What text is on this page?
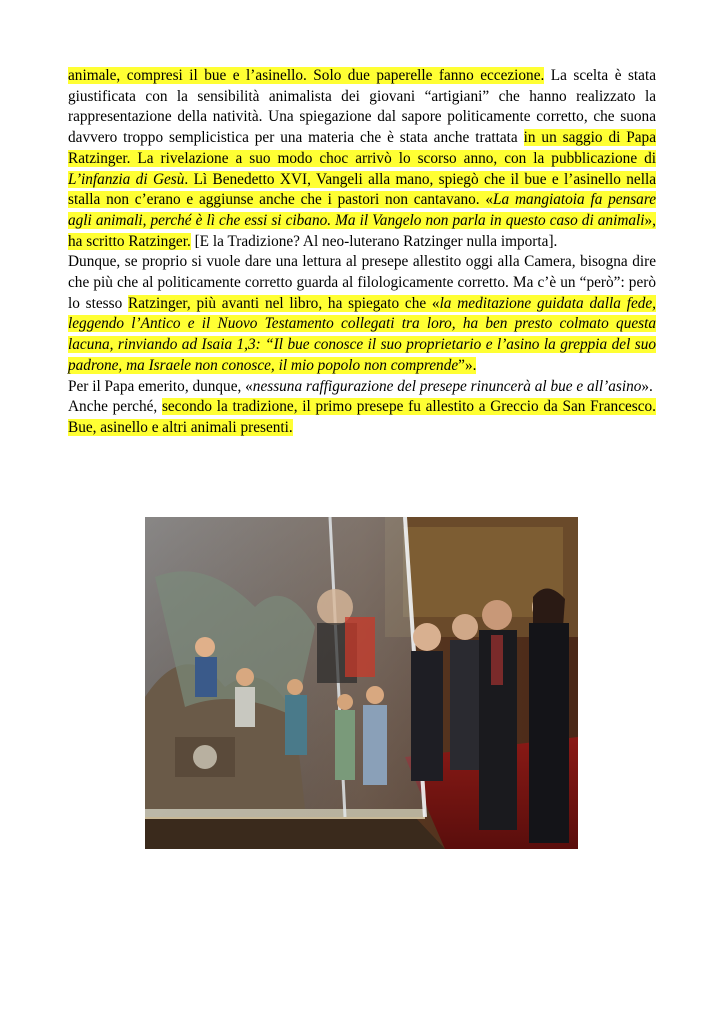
animale, compresi il bue e l’asinello. Solo due paperelle fanno eccezione. La scelta è stata giustificata con la sensibilità animalista dei giovani “artigiani” che hanno realizzato la rappresentazione della natività. Una spiegazione dal sapore politicamente corretto, che suona davvero troppo semplicistica per una materia che è stata anche trattata in un saggio di Papa Ratzinger. La rivelazione a suo modo choc arrivò lo scorso anno, con la pubblicazione di L’infanzia di Gesù. Lì Benedetto XVI, Vangeli alla mano, spiegò che il bue e l’asinello nella stalla non c’erano e aggiunse anche che i pastori non cantavano. «La mangiatoia fa pensare agli animali, perché è lì che essi si cibano. Ma il Vangelo non parla in questo caso di animali», ha scritto Ratzinger. [E la Tradizione? Al neo-luterano Ratzinger nulla importa].

Dunque, se proprio si vuole dare una lettura al presepe allestito oggi alla Camera, bisogna dire che più che al politicamente corretto guarda al filologicamente corretto. Ma c’è un “però”: però lo stesso Ratzinger, più avanti nel libro, ha spiegato che «la meditazione guidata dalla fede, leggendo l’Antico e il Nuovo Testamento collegati tra loro, ha ben presto colmato questa lacuna, rinviando ad Isaia 1,3: “Il bue conosce il suo proprietario e l’asino la greppia del suo padrone, ma Israele non conosce, il mio popolo non comprende”».

Per il Papa emerito, dunque, «nessuna raffigurazione del presepe rinuncerà al bue e all’asino».

Anche perché, secondo la tradizione, il primo presepe fu allestito a Greccio da San Francesco. Bue, asinello e altri animali presenti.
